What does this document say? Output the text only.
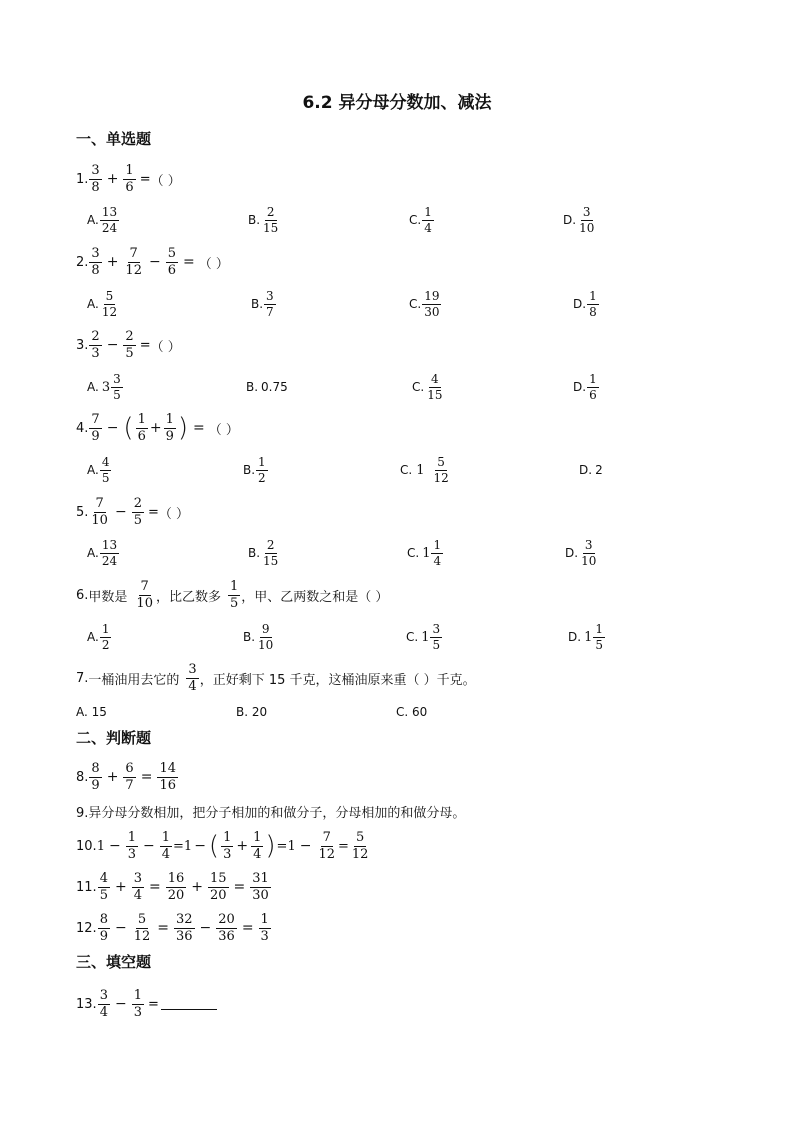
6.2 异分母分数加、减法
一、单选题
1.
3
$8 + \frac{1}{6}$ = （ ）
A.
13
24
B.
2
15
C.
1
4
D.
3
10
2.
3
$8 + \frac{7}{12} - \frac{5}{6}$ = （ ）
A.
5
12
B.
3
7
C.
19
30
D.
1
8
3.
2
$3 - \frac{2}{5}$ = （ ）
A. 3
3
5
B. 0.75	C.
4
15
D.
1
6
4.
7
9 − ( 1
$6 + \frac{1}{9}$ ) = （ ）
A.
4
5
B.
1
2
C. 1
5
12
D. 2
5.
7
$10 - \frac{2}{5}$ = （ ）
A.
13
24
B.
2
15
C. 1
1
4
D.
3
10
6. 甲数是
7
10 ，比乙数多
1
5 ，甲、乙两数之和是（ ）
A.
1
2
B.
9
10
C. 1
3
5
D. 1
1
5
7. 一桶油用去它的
3
4 ，正好剩下 15 千克，这桶油原来重（ ）千克。
A. 15	B. 20	C. 60
二、判断题
8.
8
$9 + \frac{6}{7} = \frac{14}{16}$
9.异分母分数相加，把分子相加的和做分子，分母相加的和做分母。
10. $1 - \frac{1}{3} - \frac{1}{4} = 1$ − ( 1
$3 + \frac{1}{4}$ ) = $1 - \frac{7}{12} = \frac{5}{12}$
11.
4
$5 + \frac{3}{4} = \frac{16}{20} + \frac{15}{20} = \frac{31}{30}$
12.
8
$9 - \frac{5}{12} = \frac{32}{36} - \frac{20}{36} = \frac{1}{3}$
三、填空题
13.
3
$4 - \frac{1}{3}$ =
